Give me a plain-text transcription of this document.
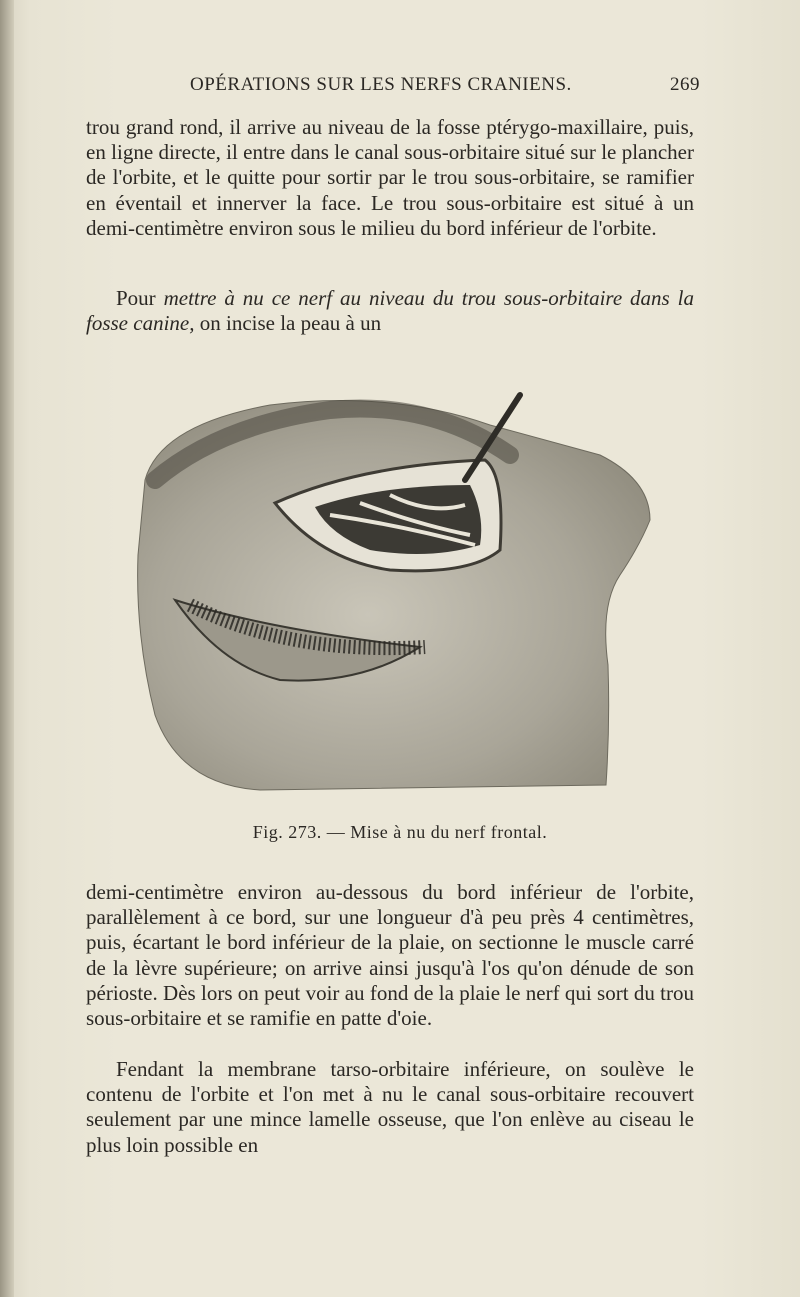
OPÉRATIONS SUR LES NERFS CRANIENS.	269

trou grand rond, il arrive au niveau de la fosse ptérygo-maxillaire, puis, en ligne directe, il entre dans le canal sous-orbitaire situé sur le plancher de l'orbite, et le quitte pour sortir par le trou sous-orbitaire, se ramifier en éventail et innerver la face. Le trou sous-orbitaire est situé à un demi-centimètre environ sous le milieu du bord inférieur de l'orbite.

Pour mettre à nu ce nerf au niveau du trou sous-orbitaire dans la fosse canine, on incise la peau à un

Fig. 273. — Mise à nu du nerf frontal.

demi-centimètre environ au-dessous du bord inférieur de l'orbite, parallèlement à ce bord, sur une longueur d'à peu près 4 centimètres, puis, écartant le bord inférieur de la plaie, on sectionne le muscle carré de la lèvre supérieure; on arrive ainsi jusqu'à l'os qu'on dénude de son périoste. Dès lors on peut voir au fond de la plaie le nerf qui sort du trou sous-orbitaire et se ramifie en patte d'oie.

Fendant la membrane tarso-orbitaire inférieure, on soulève le contenu de l'orbite et l'on met à nu le canal sous-orbitaire recouvert seulement par une mince lamelle osseuse, que l'on enlève au ciseau le plus loin possible en
